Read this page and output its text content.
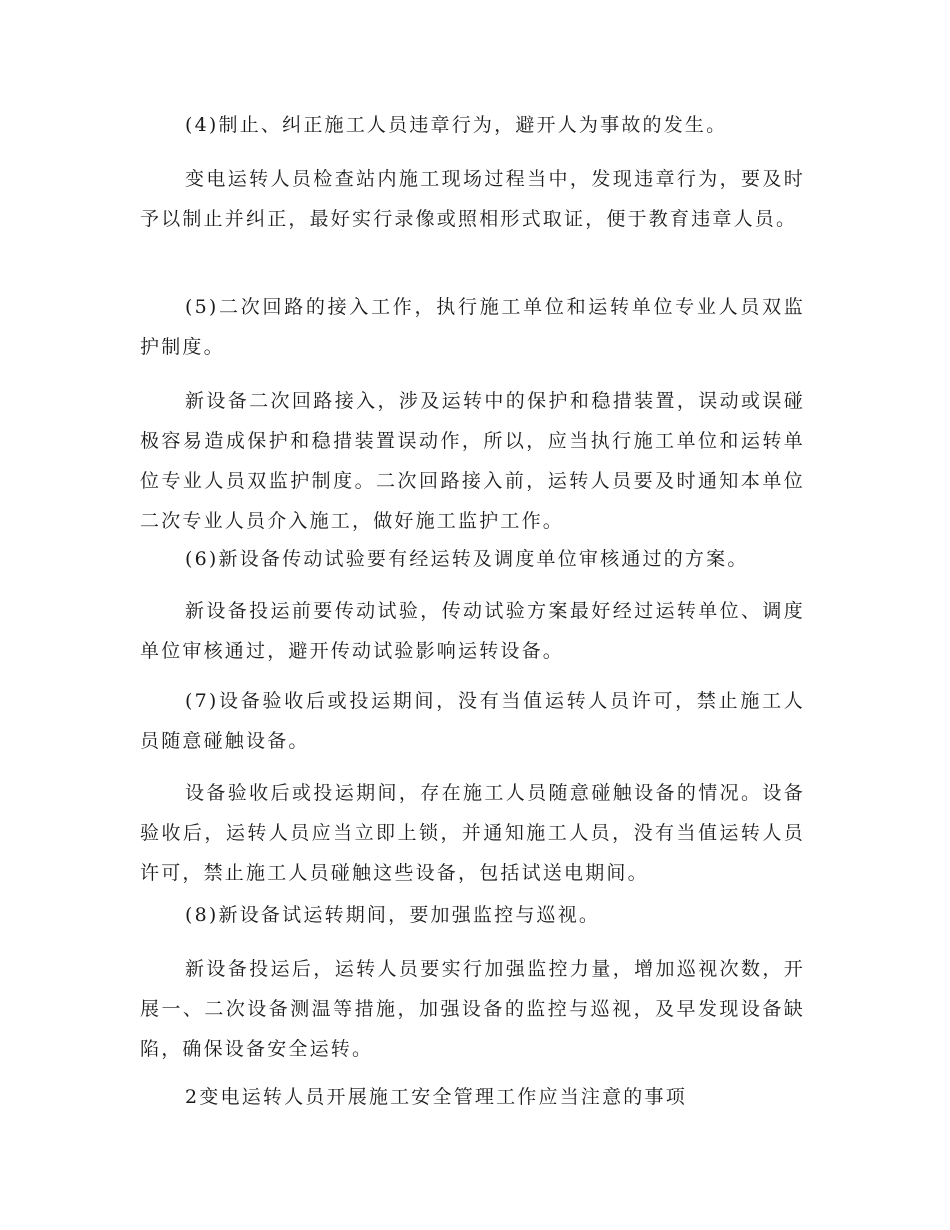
(4)制止、纠正施工人员违章行为，避开人为事故的发生。

变电运转人员检查站内施工现场过程当中，发现违章行为，要及时予以制止并纠正，最好实行录像或照相形式取证，便于教育违章人员。

(5)二次回路的接入工作，执行施工单位和运转单位专业人员双监护制度。

新设备二次回路接入，涉及运转中的保护和稳措装置，误动或误碰极容易造成保护和稳措装置误动作，所以，应当执行施工单位和运转单位专业人员双监护制度。二次回路接入前，运转人员要及时通知本单位二次专业人员介入施工，做好施工监护工作。

(6)新设备传动试验要有经运转及调度单位审核通过的方案。

新设备投运前要传动试验，传动试验方案最好经过运转单位、调度单位审核通过，避开传动试验影响运转设备。

(7)设备验收后或投运期间，没有当值运转人员许可，禁止施工人员随意碰触设备。

设备验收后或投运期间，存在施工人员随意碰触设备的情况。设备验收后，运转人员应当立即上锁，并通知施工人员，没有当值运转人员许可，禁止施工人员碰触这些设备，包括试送电期间。

(8)新设备试运转期间，要加强监控与巡视。

新设备投运后，运转人员要实行加强监控力量，增加巡视次数，开展一、二次设备测温等措施，加强设备的监控与巡视，及早发现设备缺陷，确保设备安全运转。

2变电运转人员开展施工安全管理工作应当注意的事项
